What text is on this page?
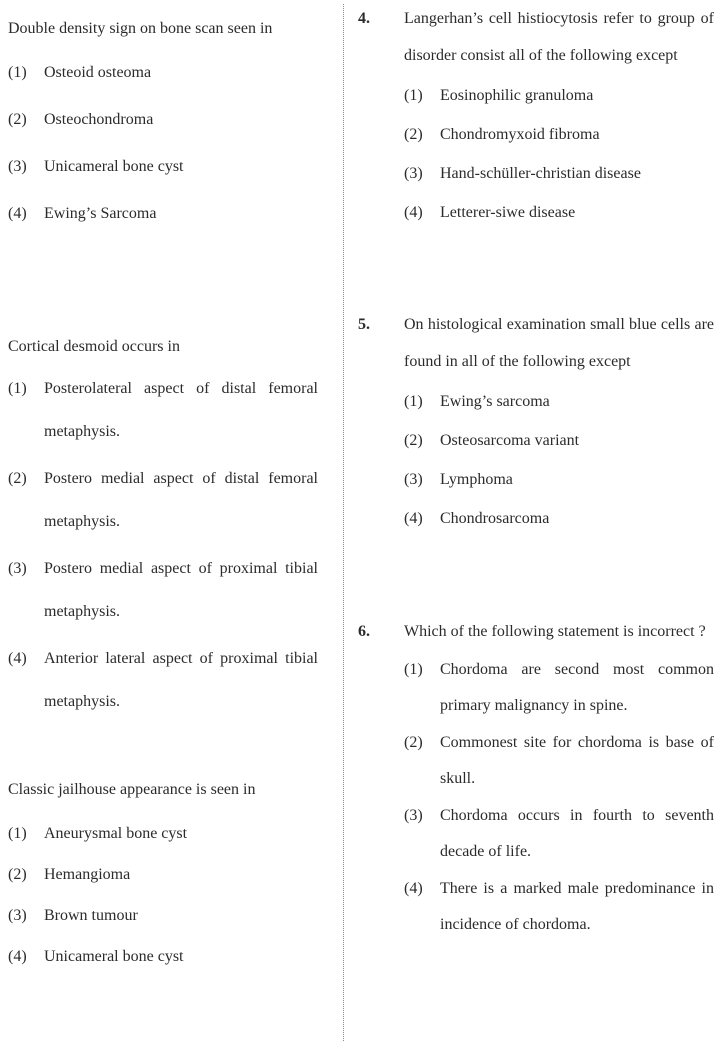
Double density sign on bone scan seen in

(1)	Osteoid osteoma
(2)	Osteochondroma
(3)	Unicameral bone cyst
(4)	Ewing’s Sarcoma

Cortical desmoid occurs in

(1)	Posterolateral aspect of distal femoral metaphysis.
(2)	Postero medial aspect of distal femoral metaphysis.
(3)	Postero medial aspect of proximal tibial metaphysis.
(4)	Anterior lateral aspect of proximal tibial metaphysis.

Classic jailhouse appearance is seen in

(1)	Aneurysmal bone cyst
(2)	Hemangioma
(3)	Brown tumour
(4)	Unicameral bone cyst
4.	Langerhan’s cell histiocytosis refer to group of disorder consist all of the following except

(1)	Eosinophilic granuloma
(2)	Chondromyxoid fibroma
(3)	Hand-schüller-christian disease
(4)	Letterer-siwe disease
5.	On histological examination small blue cells are found in all of the following except

(1)	Ewing’s sarcoma
(2)	Osteosarcoma variant
(3)	Lymphoma
(4)	Chondrosarcoma
6.	Which of the following statement is incorrect ?

(1)	Chordoma are second most common primary malignancy in spine.
(2)	Commonest site for chordoma is base of skull.
(3)	Chordoma occurs in fourth to seventh decade of life.
(4)	There is a marked male predominance in incidence of chordoma.
